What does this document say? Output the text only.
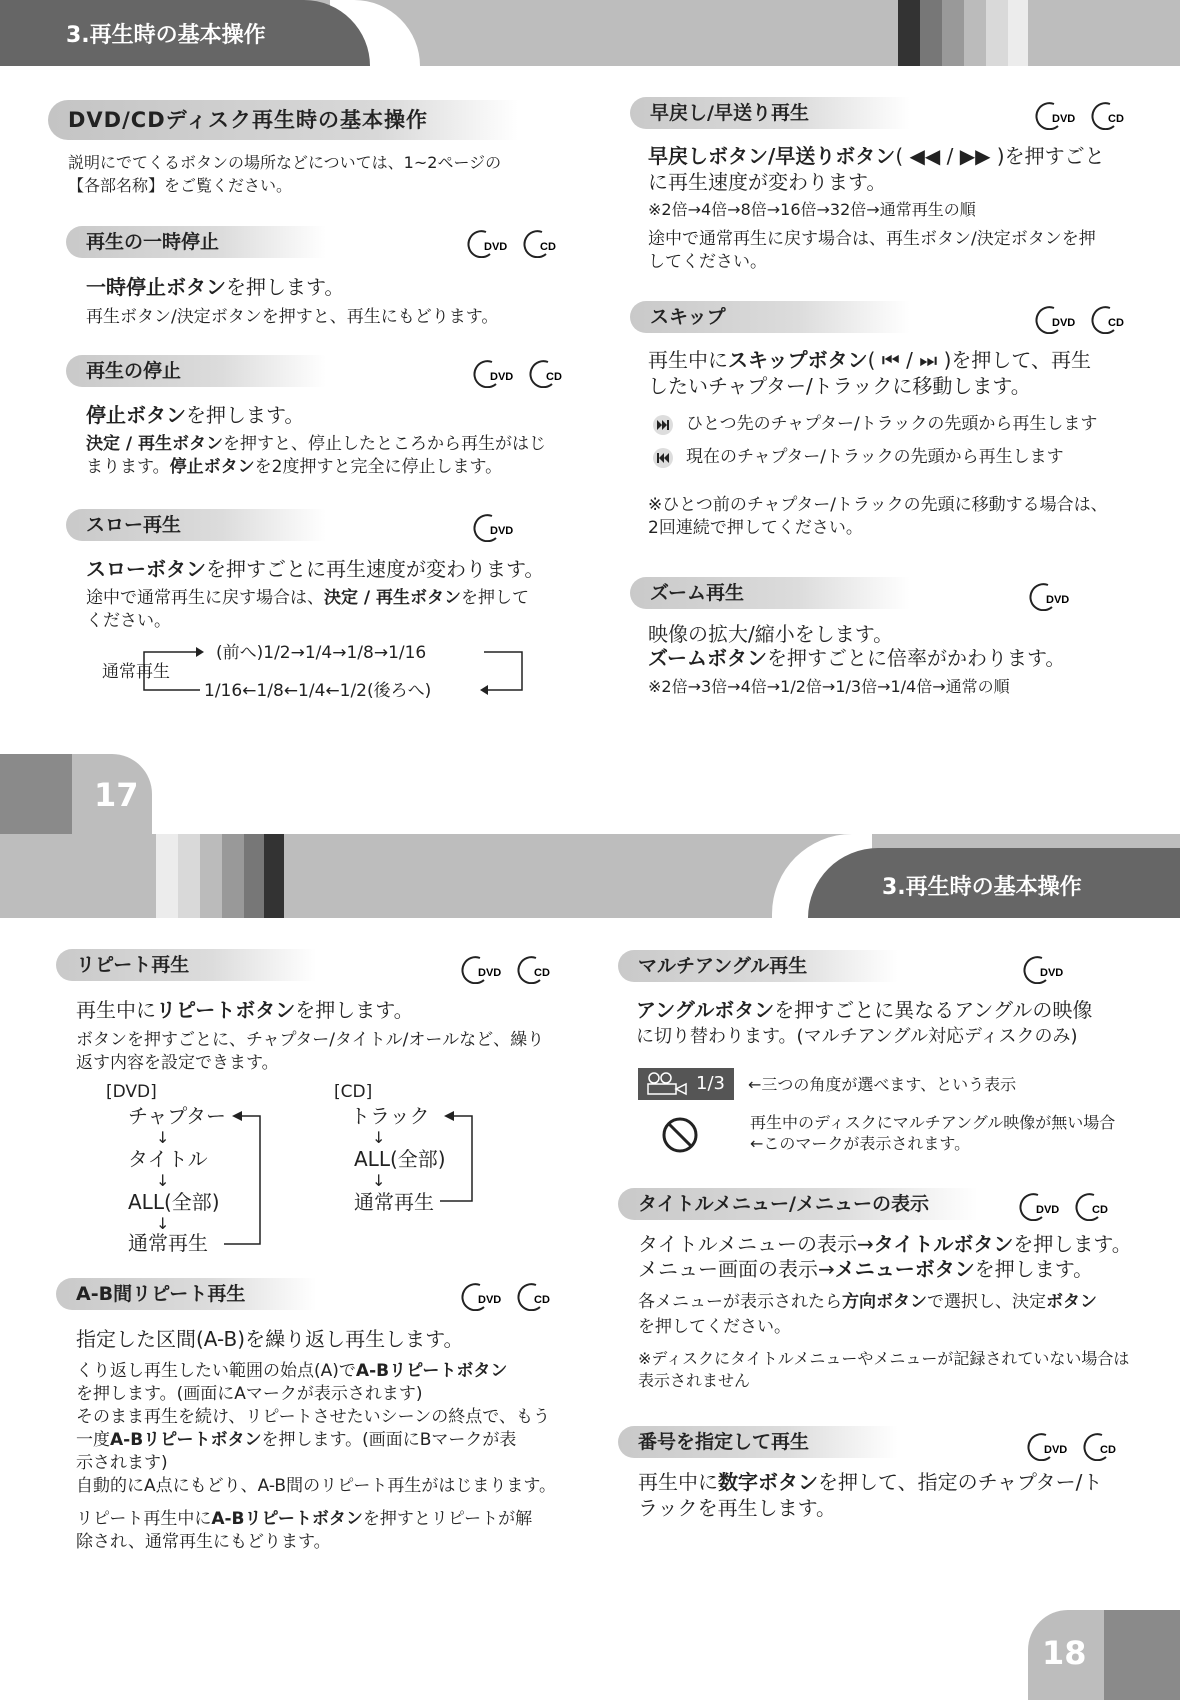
3.再生時の基本操作
DVD/CDディスク再生時の基本操作
説明にでてくるボタンの場所などについては、1~2ページの
【各部名称】をご覧ください。
再生の一時停止	DVD	CD
一時停止ボタンを押します。
再生ボタン/決定ボタンを押すと、再生にもどります。
再生の停止	DVD	CD
停止ボタンを押します。
決定 / 再生ボタンを押すと、停止したところから再生がはじ
まります。停止ボタンを2度押すと完全に停止します。
スロー再生	DVD
スローボタンを押すごとに再生速度が変わります。
途中で通常再生に戻す場合は、決定 / 再生ボタンを押して
ください。
通常再生
(前へ)1/2→1/4→1/8→1/16
1/16←1/8←1/4←1/2(後ろへ)
早戻し/早送り再生	DVD	CD
早戻しボタン/早送りボタン( ◀◀ / ▶▶ )を押すごと
に再生速度が変わります。
※2倍→4倍→8倍→16倍→32倍→通常再生の順
途中で通常再生に戻す場合は、再生ボタン/決定ボタンを押
してください。
スキップ	DVD	CD
再生中にスキップボタン( ⏮ / ⏭ )を押して、再生
したいチャプター/トラックに移動します。
ひとつ先のチャプター/トラックの先頭から再生します
現在のチャプター/トラックの先頭から再生します
※ひとつ前のチャプター/トラックの先頭に移動する場合は、
2回連続で押してください。
ズーム再生	DVD
映像の拡大/縮小をします。
ズームボタンを押すごとに倍率がかわります。
※2倍→3倍→4倍→1/2倍→1/3倍→1/4倍→通常の順
17
3.再生時の基本操作
リピート再生	DVD	CD
再生中にリピートボタンを押します。
ボタンを押すごとに、チャプター/タイトル/オールなど、繰り
返す内容を設定できます。
[DVD]
チャプター
↓
タイトル
↓
ALL(全部)
↓
通常再生
[CD]
トラック
↓
ALL(全部)
↓
通常再生
A-B間リピート再生	DVD	CD
指定した区間(A-B)を繰り返し再生します。
くり返し再生したい範囲の始点(A)でA-Bリピートボタン
を押します。(画面にAマークが表示されます)
そのまま再生を続け、リピートさせたいシーンの終点で、もう
一度A-Bリピートボタンを押します。(画面にBマークが表
示されます)
自動的にA点にもどり、A-B間のリピート再生がはじまります。
リピート再生中にA-Bリピートボタンを押すとリピートが解
除され、通常再生にもどります。
マルチアングル再生	DVD
アングルボタンを押すごとに異なるアングルの映像
に切り替わります。(マルチアングル対応ディスクのみ)
1/3 ←三つの角度が選べます、という表示
再生中のディスクにマルチアングル映像が無い場合
←このマークが表示されます。
タイトルメニュー/メニューの表示	DVD	CD
タイトルメニューの表示→タイトルボタンを押します。
メニュー画面の表示→メニューボタンを押します。
各メニューが表示されたら方向ボタンで選択し、決定ボタン
を押してください。
※ディスクにタイトルメニューやメニューが記録されていない場合は
表示されません
番号を指定して再生	DVD	CD
再生中に数字ボタンを押して、指定のチャプター/ト
ラックを再生します。
18
